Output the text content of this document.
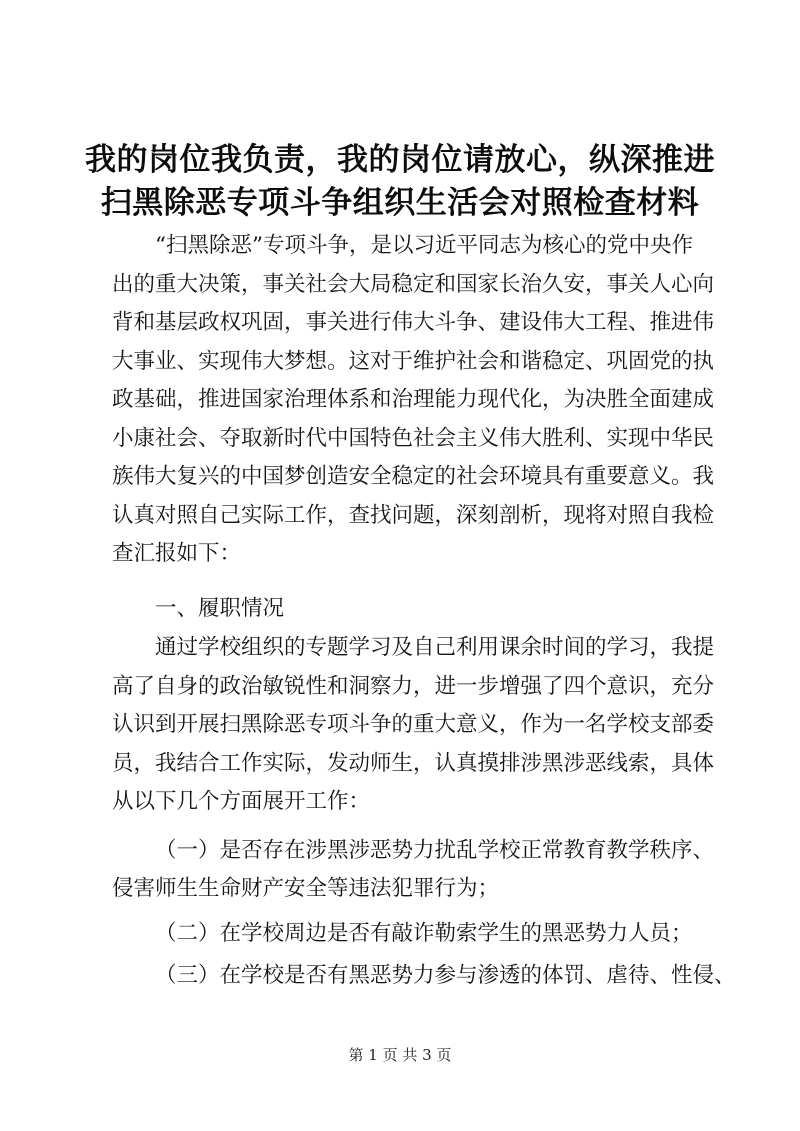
我的岗位我负责，我的岗位请放心，纵深推进
扫黑除恶专项斗争组织生活会对照检查材料
“扫黑除恶”专项斗争，是以习近平同志为核心的党中央作
出的重大决策，事关社会大局稳定和国家长治久安，事关人心向
背和基层政权巩固，事关进行伟大斗争、建设伟大工程、推进伟
大事业、实现伟大梦想。这对于维护社会和谐稳定、巩固党的执
政基础，推进国家治理体系和治理能力现代化，为决胜全面建成
小康社会、夺取新时代中国特色社会主义伟大胜利、实现中华民
族伟大复兴的中国梦创造安全稳定的社会环境具有重要意义。我
认真对照自己实际工作，查找问题，深刻剖析，现将对照自我检
查汇报如下：
一、履职情况
通过学校组织的专题学习及自己利用课余时间的学习，我提
高了自身的政治敏锐性和洞察力，进一步增强了四个意识，充分
认识到开展扫黑除恶专项斗争的重大意义，作为一名学校支部委
员，我结合工作实际，发动师生，认真摸排涉黑涉恶线索，具体
从以下几个方面展开工作：
（一）是否存在涉黑涉恶势力扰乱学校正常教育教学秩序、
侵害师生生命财产安全等违法犯罪行为；
（二）在学校周边是否有敲诈勒索学生的黑恶势力人员；
（三）在学校是否有黑恶势力参与渗透的体罚、虐待、性侵、
第 1 页 共 3 页
